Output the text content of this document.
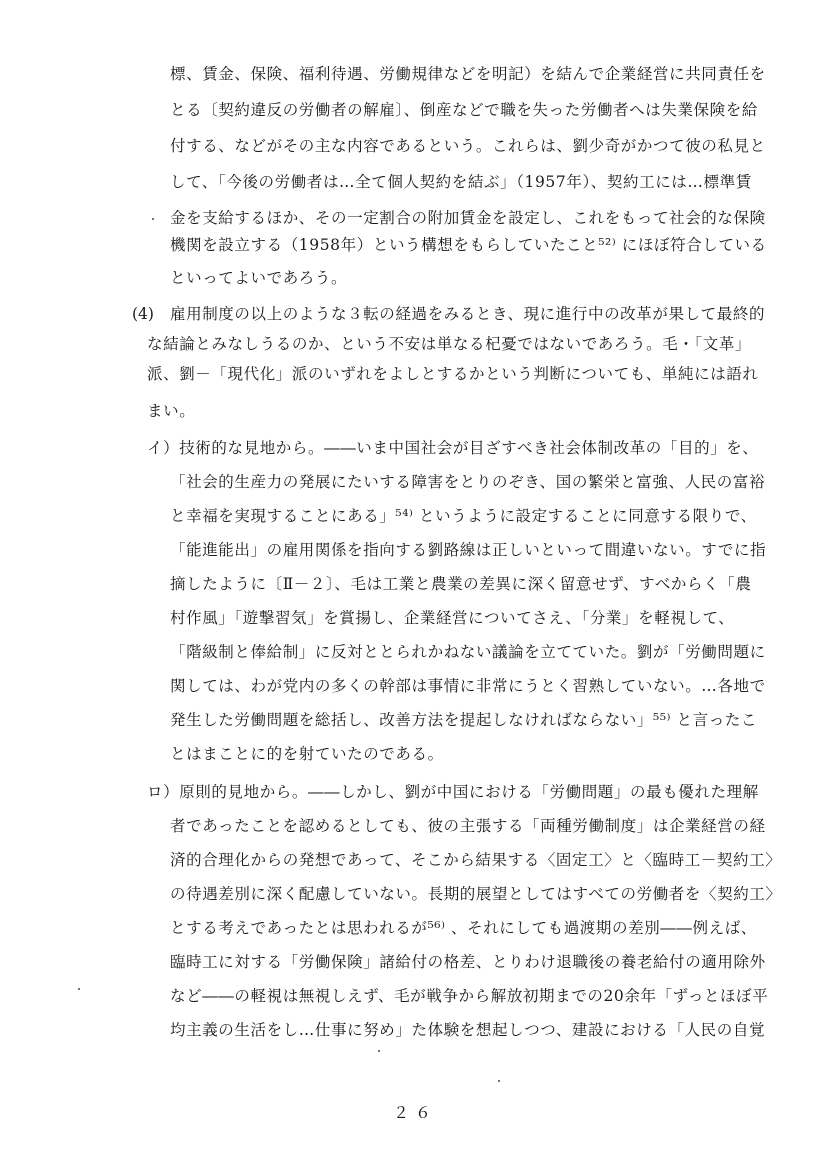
標、賃金、保険、福利待遇、労働規律などを明記）を結んで企業経営に共同責任を
とる〔契約違反の労働者の解雇〕、倒産などで職を失った労働者へは失業保険を給
付する、などがその主な内容であるという。これらは、劉少奇がかつて彼の私見と
して、「今後の労働者は…全て個人契約を結ぶ」（1957年）、契約工には…標準賃
金を支給するほか、その一定割合の附加賃金を設定し、これをもって社会的な保険
機関を設立する（1958年）という構想をもらしていたこと⁵²⁾ にほぼ符合している
といってよいであろう。
(4) 雇用制度の以上のような３転の経過をみるとき、現に進行中の改革が果して最終的
な結論とみなしうるのか、という不安は単なる杞憂ではないであろう。毛・「文革」
派、劉－「現代化」派のいずれをよしとするかという判断についても、単純には語れ
まい。
イ）技術的な見地から。――いま中国社会が目ざすべき社会体制改革の「目的」を、
「社会的生産力の発展にたいする障害をとりのぞき、国の繁栄と富強、人民の富裕
と幸福を実現することにある」⁵⁴⁾ というように設定することに同意する限りで、
「能進能出」の雇用関係を指向する劉路線は正しいといって間違いない。すでに指
摘したように〔Ⅱ－２〕、毛は工業と農業の差異に深く留意せず、すべからく「農
村作風」「遊撃習気」を賞揚し、企業経営についてさえ、「分業」を軽視して、
「階級制と俸給制」に反対ととられかねない議論を立てていた。劉が「労働問題に
関しては、わが党内の多くの幹部は事情に非常にうとく習熟していない。…各地で
発生した労働問題を総括し、改善方法を提起しなければならない」⁵⁵⁾ と言ったこ
とはまことに的を射ていたのである。
ロ）原則的見地から。――しかし、劉が中国における「労働問題」の最も優れた理解
者であったことを認めるとしても、彼の主張する「両種労働制度」は企業経営の経
済的合理化からの発想であって、そこから結果する〈固定工〉と〈臨時工－契約工〉
の待遇差別に深く配慮していない。長期的展望としてはすべての労働者を〈契約工〉
とする考えであったとは思われるが⁵⁶⁾ 、それにしても過渡期の差別――例えば、
臨時工に対する「労働保険」諸給付の格差、とりわけ退職後の養老給付の適用除外
など――の軽視は無視しえず、毛が戦争から解放初期までの20余年「ずっとほぼ平
均主義の生活をし…仕事に努め」た体験を想起しつつ、建設における「人民の自覚
２６
